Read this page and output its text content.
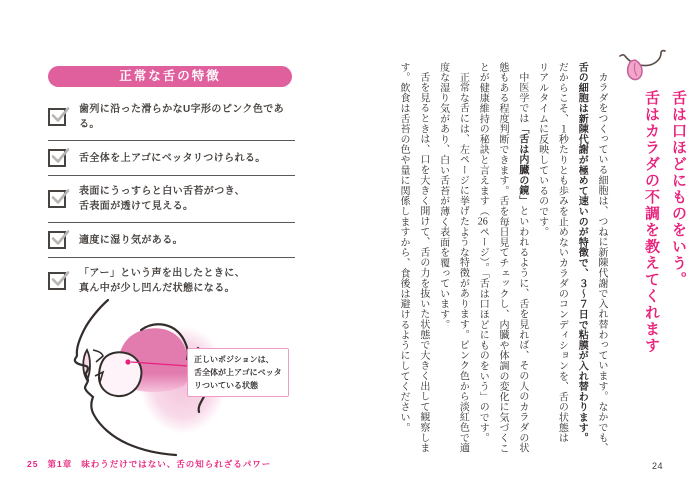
正常な舌の特徴
歯列に沿った滑らかなU字形のピンク色である。
舌全体を上アゴにベッタリつけられる。
表面にうっすらと白い舌苔がつき、
舌表面が透けて見える。
適度に湿り気がある。
「アー」という声を出したときに、
真ん中が少し凹んだ状態になる。
正しいポジションは、
舌全体が上アゴにベッタ
リついている状態
25 第1章 味わうだけではない、舌の知られざるパワー
舌は口ほどにものをいう。
舌はカラダの不調を教えてくれます
カラダをつくっている細胞は、つねに新陳代謝で入れ替わっています。なかでも、
舌の細胞は新陳代謝が極めて速いのが特徴で、３〜７日で粘膜が入れ替わります。
だからこそ、１秒たりとも歩みを止めないカラダのコンディションを、舌の状態は
リアルタイムに反映しているのです。
中医学では「舌は内臓の鏡」といわれるように、舌を見れば、その人のカラダの状
態もある程度判断できます。舌を毎日見てチェックし、内臓や体調の変化に気づくこ
とが健康維持の秘訣と言えます（26ページ）。「舌は口ほどにものをいう」のです。
正常な舌には、左ページに挙げたような特徴があります。ピンク色から淡紅色で適
度な湿り気があり、白い舌苔が薄く表面を覆っています。
舌を見るときは、口を大きく開けて、舌の力を抜いた状態で大きく出して観察しま
す。飲食は舌苔の色や量に関係しますから、食後は避けるようにしてください。
24
